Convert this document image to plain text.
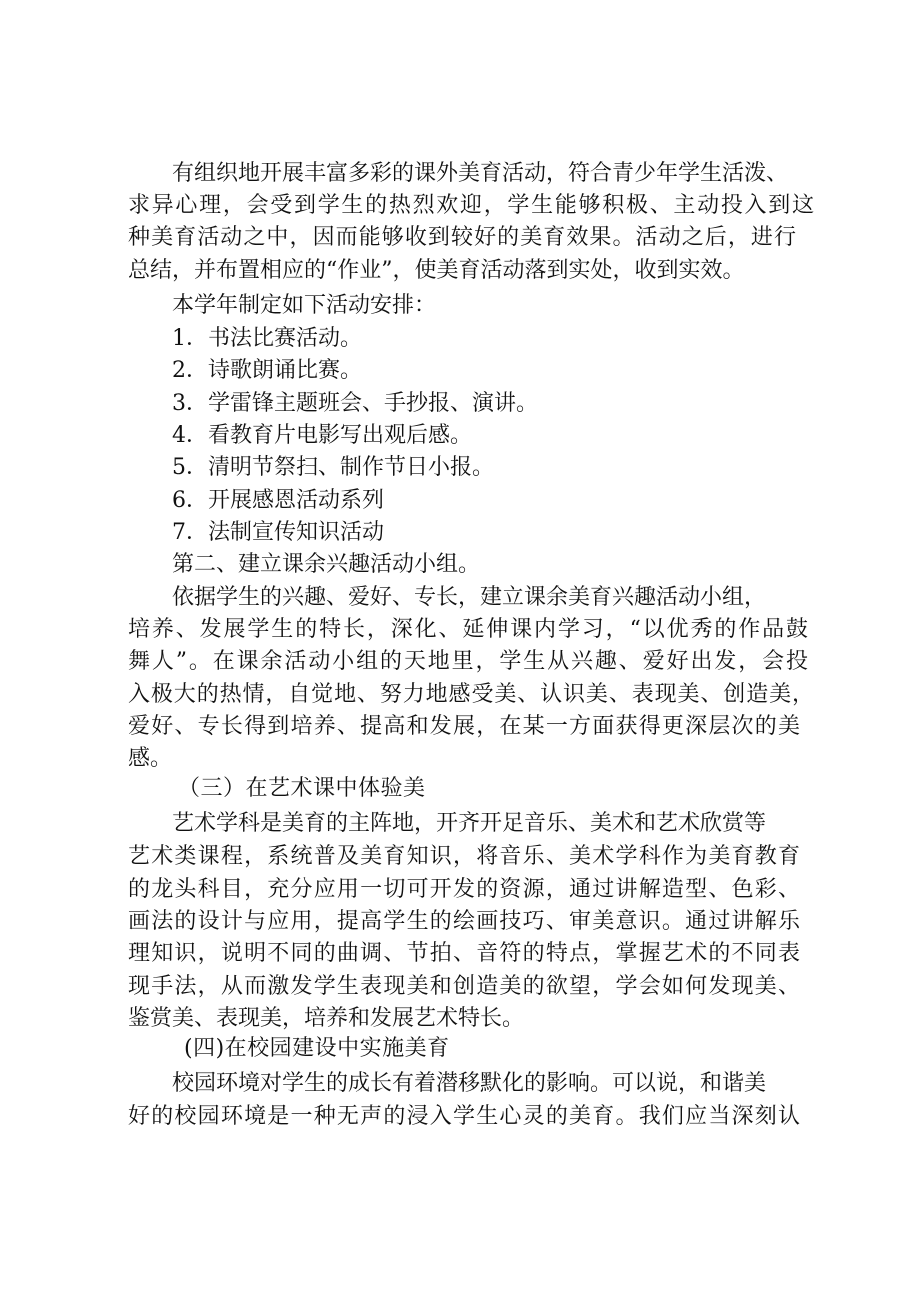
有组织地开展丰富多彩的课外美育活动，符合青少年学生活泼、

求异心理，会受到学生的热烈欢迎，学生能够积极、主动投入到这

种美育活动之中，因而能够收到较好的美育效果。活动之后，进行

总结，并布置相应的“作业”，使美育活动落到实处，收到实效。

本学年制定如下活动安排：

1．书法比赛活动。

2．诗歌朗诵比赛。

3．学雷锋主题班会、手抄报、演讲。

4．看教育片电影写出观后感。

5．清明节祭扫、制作节日小报。

6．开展感恩活动系列

7．法制宣传知识活动

第二、建立课余兴趣活动小组。

依据学生的兴趣、爱好、专长，建立课余美育兴趣活动小组，

培养、发展学生的特长，深化、延伸课内学习，“以优秀的作品鼓

舞人”。在课余活动小组的天地里，学生从兴趣、爱好出发，会投

入极大的热情，自觉地、努力地感受美、认识美、表现美、创造美，

爱好、专长得到培养、提高和发展，在某一方面获得更深层次的美

感。

（三）在艺术课中体验美

艺术学科是美育的主阵地，开齐开足音乐、美术和艺术欣赏等

艺术类课程，系统普及美育知识，将音乐、美术学科作为美育教育

的龙头科目，充分应用一切可开发的资源，通过讲解造型、色彩、

画法的设计与应用，提高学生的绘画技巧、审美意识。通过讲解乐

理知识，说明不同的曲调、节拍、音符的特点，掌握艺术的不同表

现手法，从而激发学生表现美和创造美的欲望，学会如何发现美、

鉴赏美、表现美，培养和发展艺术特长。

(四)在校园建设中实施美育

校园环境对学生的成长有着潜移默化的影响。可以说，和谐美

好的校园环境是一种无声的浸入学生心灵的美育。我们应当深刻认
